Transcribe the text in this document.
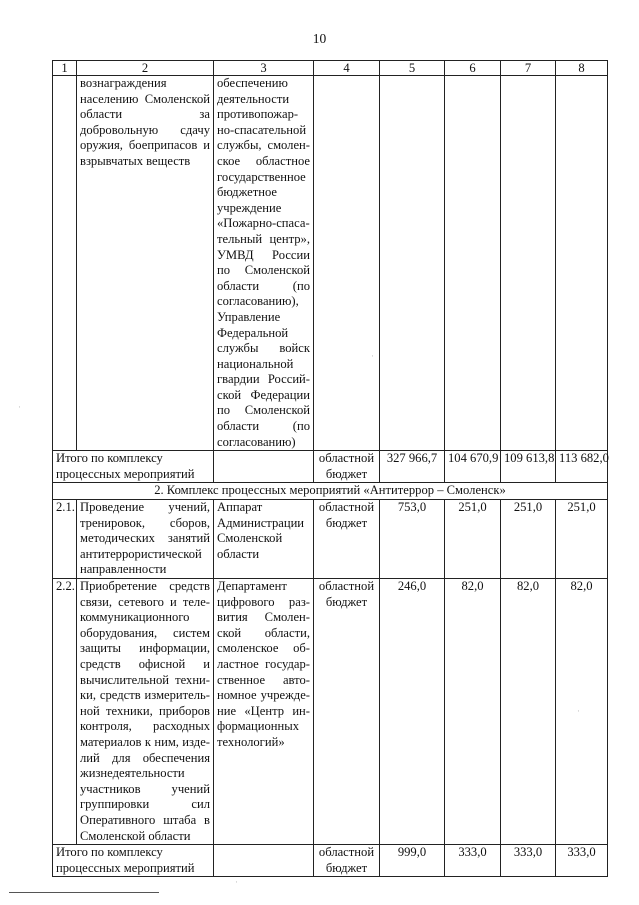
10
1	2	3	4	5	6	7	8
	вознаграждения населению Смоленской области за добровольную сдачу оружия, боеприпасов и взрывчатых веществ	обеспечению деятельности противопожар-но-спасательной службы, смолен-ское областное государственное бюджетное учреждение «Пожарно-спаса-тельный центр», УМВД России по Смоленской области (по согласованию), Управление Федеральной службы войск национальной гвардии Россий-ской Федерации по Смоленской области (по согласованию)					
Итого по комплексу процессных мероприятий			областной бюджет	327 966,7	104 670,9	109 613,8	113 682,0
2. Комплекс процессных мероприятий «Антитеррор – Смоленск»							
2.1.	Проведение учений, тренировок, сборов, методических занятий антитеррористической направленности	Аппарат Администрации Смоленской области	областной бюджет	753,0	251,0	251,0	251,0
2.2.	Приобретение средств связи, сетевого и теле-коммуникационного оборудования, систем защиты информации, средств офисной и вычислительной техни-ки, средств измеритель-ной техники, приборов контроля, расходных материалов к ним, изде-лий для обеспечения жизнедеятельности участников учений группировки сил Оперативного штаба в Смоленской области	Департамент цифрового раз-вития Смолен-ской области, смоленское об-ластное государ-ственное авто-номное учрежде-ние «Центр ин-формационных технологий»	областной бюджет	246,0	82,0	82,0	82,0
Итого по комплексу процессных мероприятий			областной бюджет	999,0	333,0	333,0	333,0
·
·
·
·
